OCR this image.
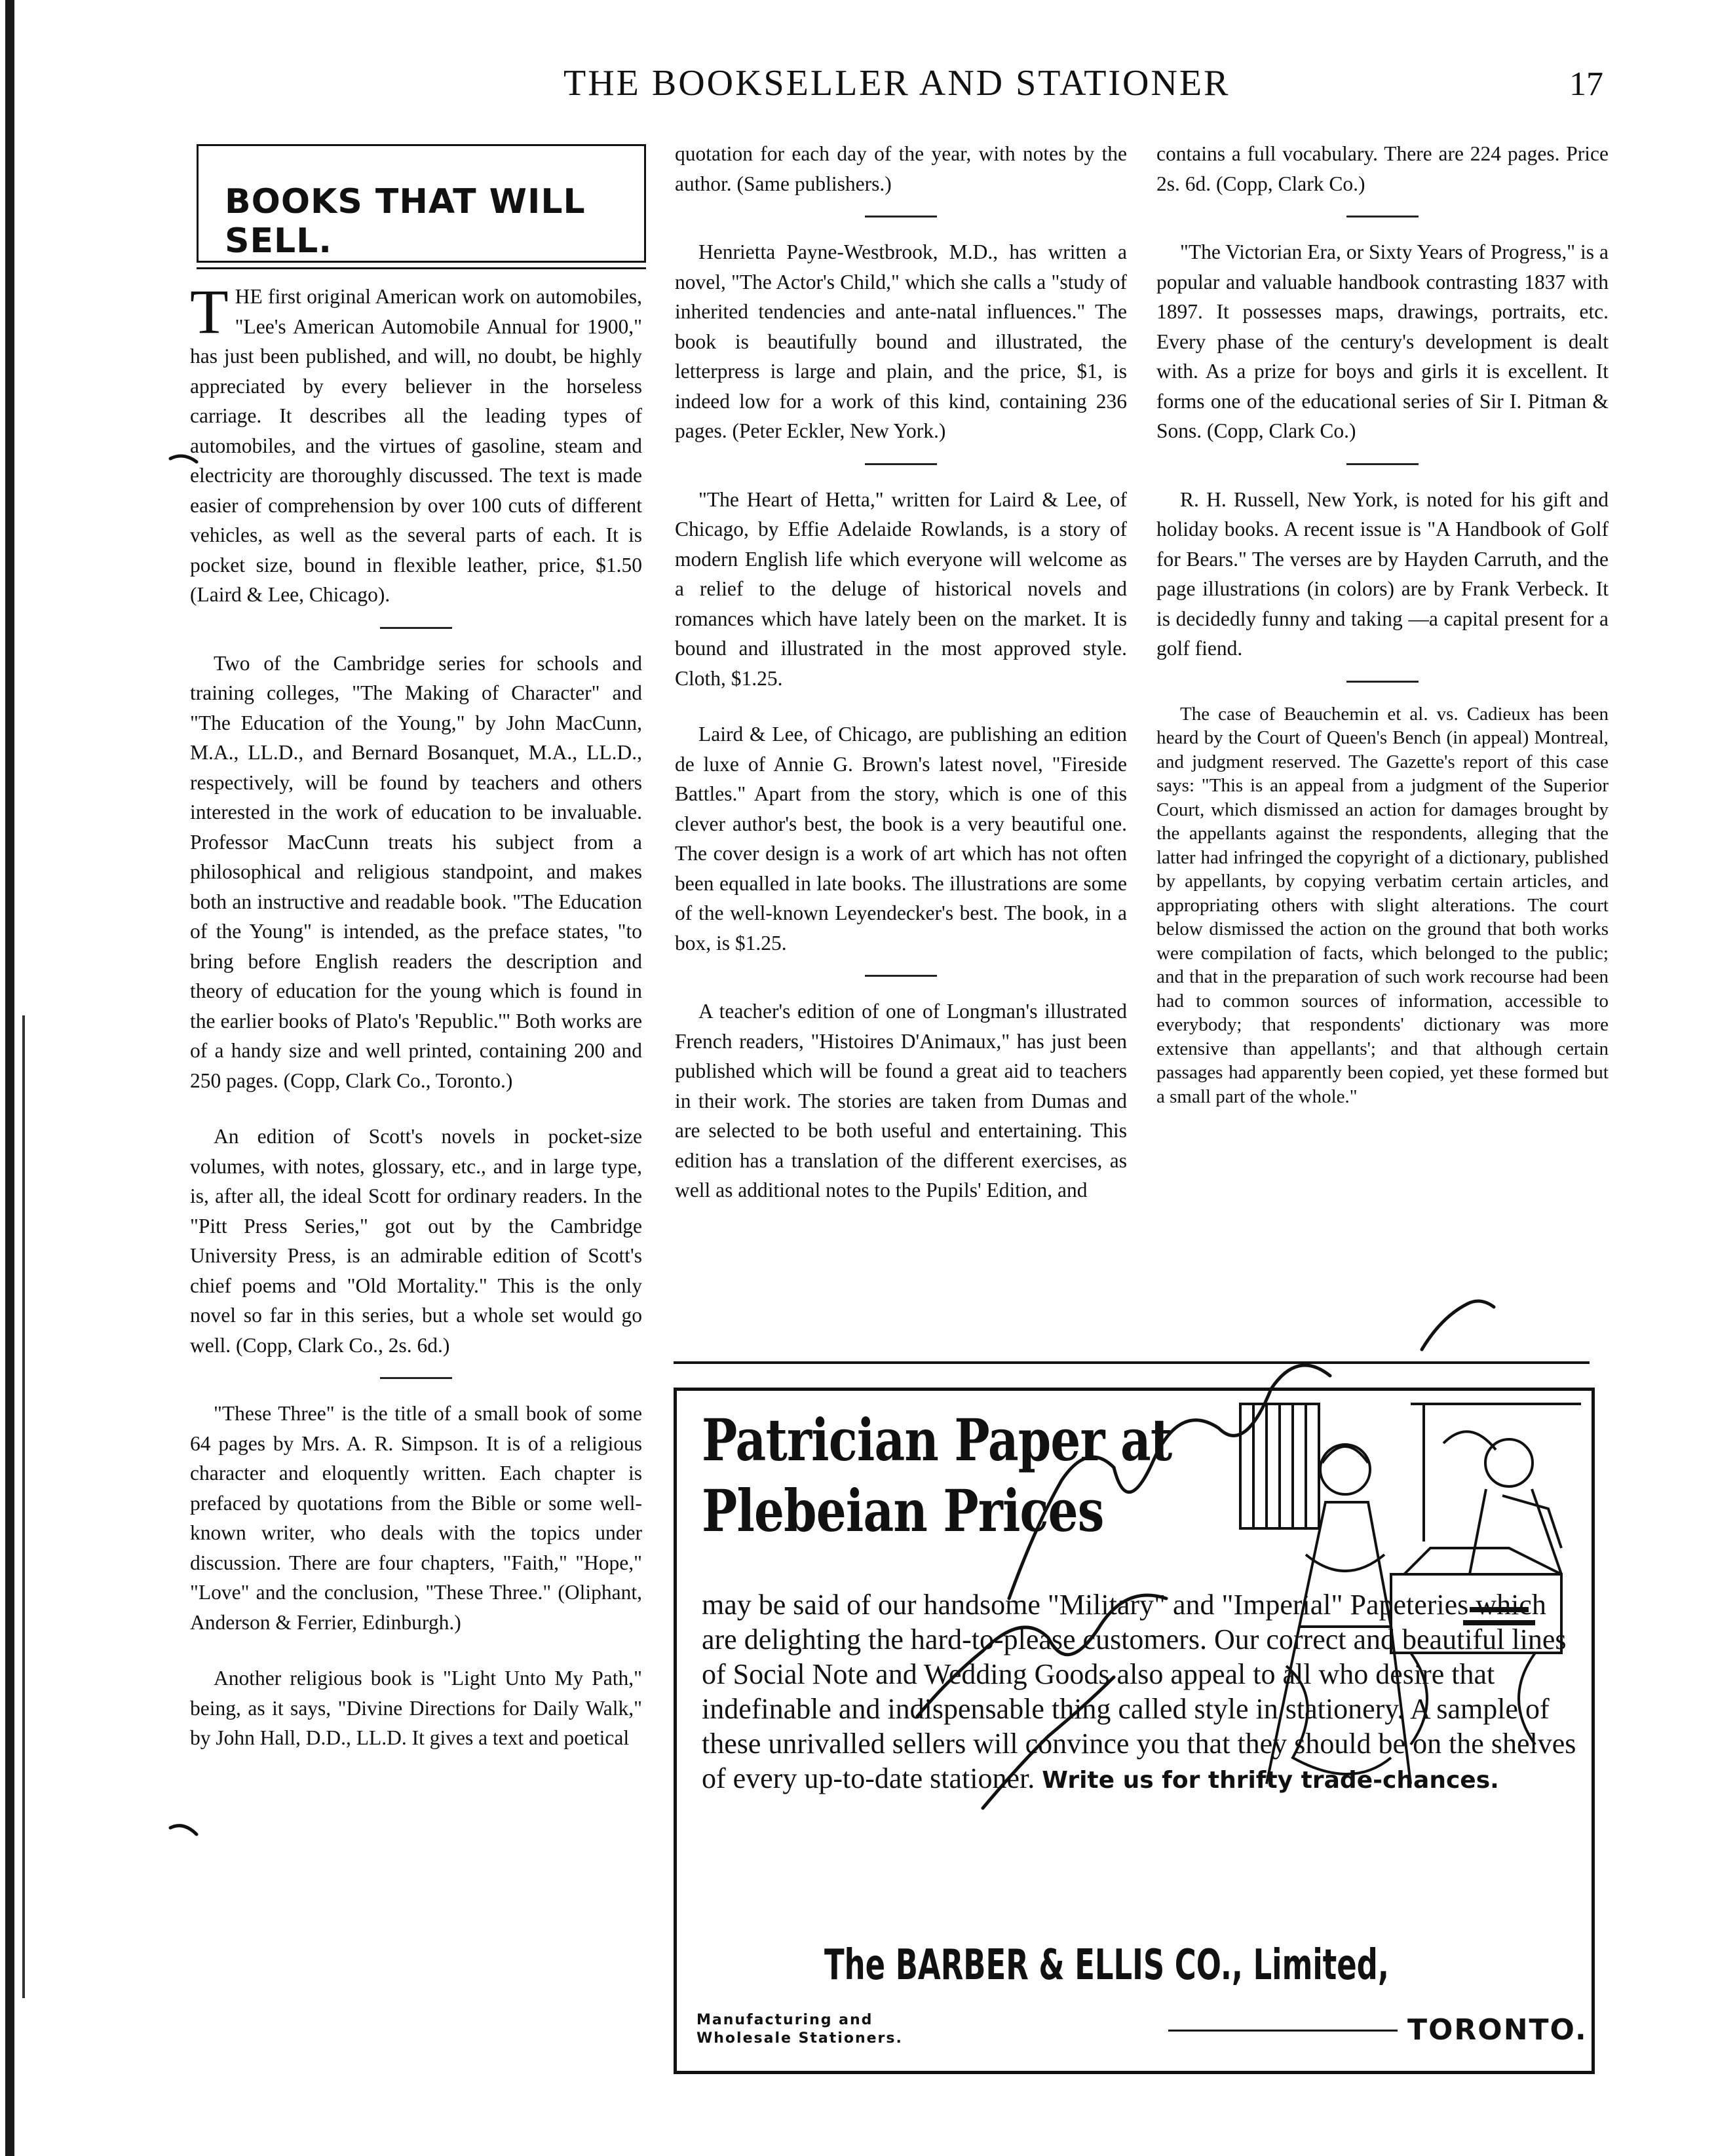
THE BOOKSELLER AND STATIONER	17
BOOKS THAT WILL SELL.

THE first original American work on automobiles, "Lee's American Automobile Annual for 1900," has just been published, and will, no doubt, be highly appreciated by every believer in the horseless carriage. It describes all the leading types of automobiles, and the virtues of gasoline, steam and electricity are thoroughly discussed. The text is made easier of comprehension by over 100 cuts of different vehicles, as well as the several parts of each. It is pocket size, bound in flexible leather, price, $1.50 (Laird & Lee, Chicago).

Two of the Cambridge series for schools and training colleges, "The Making of Character" and "The Education of the Young," by John MacCunn, M.A., LL.D., and Bernard Bosanquet, M.A., LL.D., respectively, will be found by teachers and others interested in the work of education to be invaluable. Professor MacCunn treats his subject from a philosophical and religious standpoint, and makes both an instructive and readable book. "The Education of the Young" is intended, as the preface states, "to bring before English readers the description and theory of education for the young which is found in the earlier books of Plato's 'Republic.'" Both works are of a handy size and well printed, containing 200 and 250 pages. (Copp, Clark Co., Toronto.)

An edition of Scott's novels in pocket-size volumes, with notes, glossary, etc., and in large type, is, after all, the ideal Scott for ordinary readers. In the "Pitt Press Series," got out by the Cambridge University Press, is an admirable edition of Scott's chief poems and "Old Mortality." This is the only novel so far in this series, but a whole set would go well. (Copp, Clark Co., 2s. 6d.)

"These Three" is the title of a small book of some 64 pages by Mrs. A. R. Simpson. It is of a religious character and eloquently written. Each chapter is prefaced by quotations from the Bible or some well-known writer, who deals with the topics under discussion. There are four chapters, "Faith," "Hope," "Love" and the conclusion, "These Three." (Oliphant, Anderson & Ferrier, Edinburgh.)

Another religious book is "Light Unto My Path," being, as it says, "Divine Directions for Daily Walk," by John Hall, D.D., LL.D. It gives a text and poetical

quotation for each day of the year, with notes by the author. (Same publishers.)

Henrietta Payne-Westbrook, M.D., has written a novel, "The Actor's Child," which she calls a "study of inherited tendencies and ante-natal influences." The book is beautifully bound and illustrated, the letterpress is large and plain, and the price, $1, is indeed low for a work of this kind, containing 236 pages. (Peter Eckler, New York.)

"The Heart of Hetta," written for Laird & Lee, of Chicago, by Effie Adelaide Rowlands, is a story of modern English life which everyone will welcome as a relief to the deluge of historical novels and romances which have lately been on the market. It is bound and illustrated in the most approved style. Cloth, $1.25.

Laird & Lee, of Chicago, are publishing an edition de luxe of Annie G. Brown's latest novel, "Fireside Battles." Apart from the story, which is one of this clever author's best, the book is a very beautiful one. The cover design is a work of art which has not often been equalled in late books. The illustrations are some of the well-known Leyendecker's best. The book, in a box, is $1.25.

A teacher's edition of one of Longman's illustrated French readers, "Histoires D'Animaux," has just been published which will be found a great aid to teachers in their work. The stories are taken from Dumas and are selected to be both useful and entertaining. This edition has a translation of the different exercises, as well as additional notes to the Pupils' Edition, and

contains a full vocabulary. There are 224 pages. Price 2s. 6d. (Copp, Clark Co.)

"The Victorian Era, or Sixty Years of Progress," is a popular and valuable handbook contrasting 1837 with 1897. It possesses maps, drawings, portraits, etc. Every phase of the century's development is dealt with. As a prize for boys and girls it is excellent. It forms one of the educational series of Sir I. Pitman & Sons. (Copp, Clark Co.)

R. H. Russell, New York, is noted for his gift and holiday books. A recent issue is "A Handbook of Golf for Bears." The verses are by Hayden Carruth, and the page illustrations (in colors) are by Frank Verbeck. It is decidedly funny and taking —a capital present for a golf fiend.

The case of Beauchemin et al. vs. Cadieux has been heard by the Court of Queen's Bench (in appeal) Montreal, and judgment reserved. The Gazette's report of this case says: "This is an appeal from a judgment of the Superior Court, which dismissed an action for damages brought by the appellants against the respondents, alleging that the latter had infringed the copyright of a dictionary, published by appellants, by copying verbatim certain articles, and appropriating others with slight alterations. The court below dismissed the action on the ground that both works were compilation of facts, which belonged to the public; and that in the preparation of such work recourse had been had to common sources of information, accessible to everybody; that respondents' dictionary was more extensive than appellants'; and that although certain passages had apparently been copied, yet these formed but a small part of the whole."

Patrician Paper at
Plebeian Prices
may be said of our handsome "Military" and "Imperial" Papeteries which are delighting the hard-to-please customers. Our correct and beautiful lines of Social Note and Wedding Goods also appeal to all who desire that indefinable and indispensable thing called style in stationery. A sample of these unrivalled sellers will convince you that they should be on the shelves of every up-to-date stationer. Write us for thrifty trade-chances.
The BARBER & ELLIS CO., Limited,
Manufacturing and
Wholesale Stationers.	TORONTO.
